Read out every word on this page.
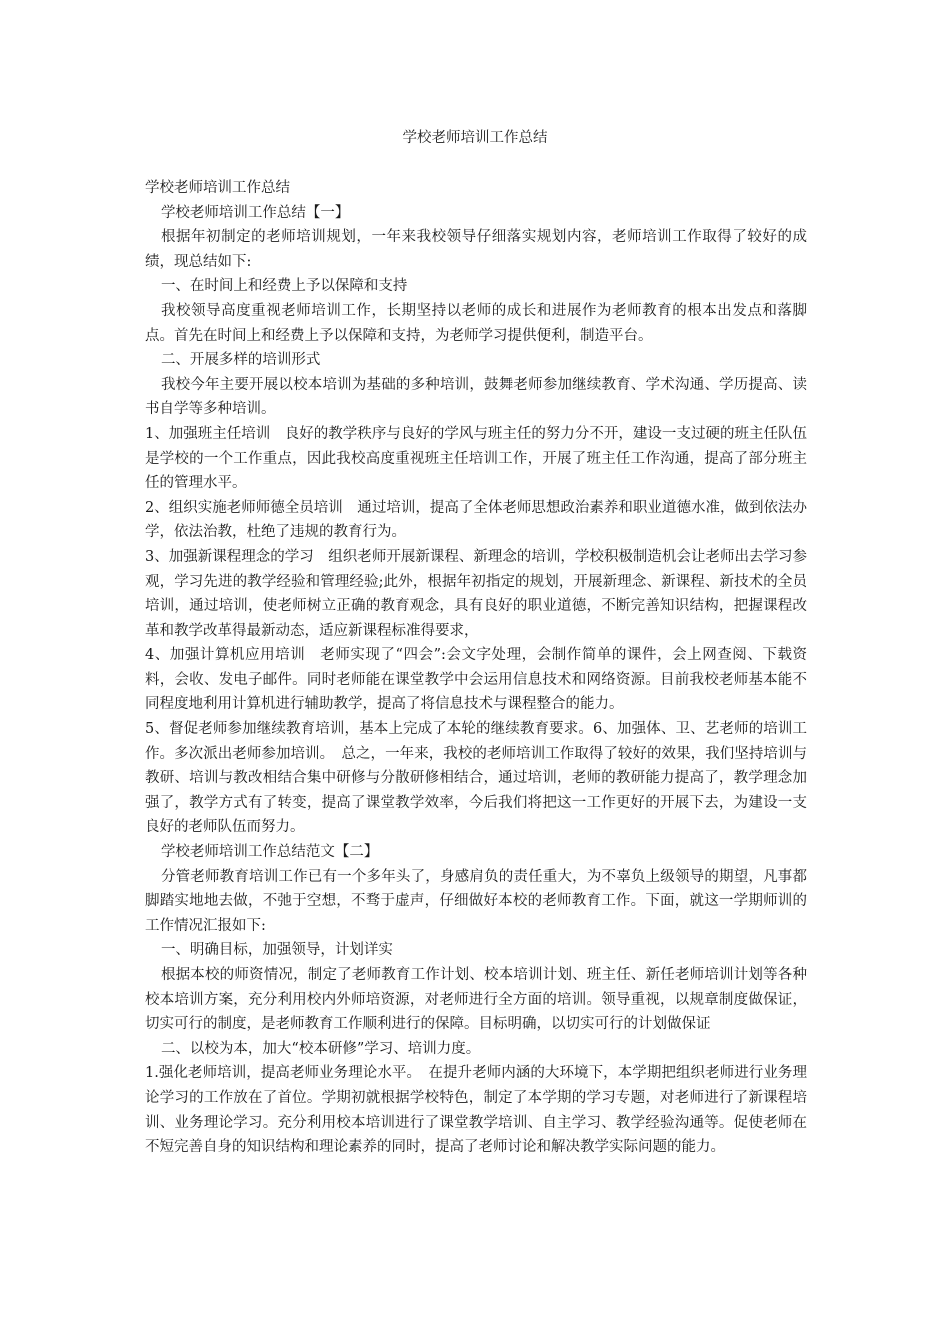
学校老师培训工作总结

学校老师培训工作总结

学校老师培训工作总结【一】

根据年初制定的老师培训规划，一年来我校领导仔细落实规划内容，老师培训工作取得了较好的成绩，现总结如下:

一、在时间上和经费上予以保障和支持

我校领导高度重视老师培训工作，长期坚持以老师的成长和进展作为老师教育的根本出发点和落脚点。首先在时间上和经费上予以保障和支持，为老师学习提供便利，制造平台。

二、开展多样的培训形式

我校今年主要开展以校本培训为基础的多种培训，鼓舞老师参加继续教育、学术沟通、学历提高、读书自学等多种培训。

1、加强班主任培训　良好的教学秩序与良好的学风与班主任的努力分不开，建设一支过硬的班主任队伍是学校的一个工作重点，因此我校高度重视班主任培训工作，开展了班主任工作沟通，提高了部分班主任的管理水平。

2、组织实施老师师德全员培训　通过培训，提高了全体老师思想政治素养和职业道德水准，做到依法办学，依法治教，杜绝了违规的教育行为。

3、加强新课程理念的学习　组织老师开展新课程、新理念的培训，学校积极制造机会让老师出去学习参观，学习先进的教学经验和管理经验;此外，根据年初指定的规划，开展新理念、新课程、新技术的全员培训，通过培训，使老师树立正确的教育观念，具有良好的职业道德，不断完善知识结构，把握课程改革和教学改革得最新动态，适应新课程标准得要求，

4、加强计算机应用培训　老师实现了“四会”:会文字处理，会制作简单的课件，会上网查阅、下载资料，会收、发电子邮件。同时老师能在课堂教学中会运用信息技术和网络资源。目前我校老师基本能不同程度地利用计算机进行辅助教学，提高了将信息技术与课程整合的能力。

5、督促老师参加继续教育培训，基本上完成了本轮的继续教育要求。6、加强体、卫、艺老师的培训工作。多次派出老师参加培训。　总之，一年来，我校的老师培训工作取得了较好的效果，我们坚持培训与教研、培训与教改相结合集中研修与分散研修相结合，通过培训，老师的教研能力提高了，教学理念加强了，教学方式有了转变，提高了课堂教学效率，今后我们将把这一工作更好的开展下去，为建设一支良好的老师队伍而努力。

学校老师培训工作总结范文【二】

分管老师教育培训工作已有一个多年头了，身感肩负的责任重大，为不辜负上级领导的期望，凡事都脚踏实地地去做，不弛于空想，不骛于虚声，仔细做好本校的老师教育工作。下面，就这一学期师训的工作情况汇报如下:

一、明确目标，加强领导，计划详实

根据本校的师资情况，制定了老师教育工作计划、校本培训计划、班主任、新任老师培训计划等各种校本培训方案，充分利用校内外师培资源，对老师进行全方面的培训。领导重视，以规章制度做保证，切实可行的制度，是老师教育工作顺利进行的保障。目标明确，以切实可行的计划做保证

二、以校为本，加大“校本研修”学习、培训力度。

1.强化老师培训，提高老师业务理论水平。　在提升老师内涵的大环境下，本学期把组织老师进行业务理论学习的工作放在了首位。学期初就根据学校特色，制定了本学期的学习专题，对老师进行了新课程培训、业务理论学习。充分利用校本培训进行了课堂教学培训、自主学习、教学经验沟通等。促使老师在不短完善自身的知识结构和理论素养的同时，提高了老师讨论和解决教学实际问题的能力。
